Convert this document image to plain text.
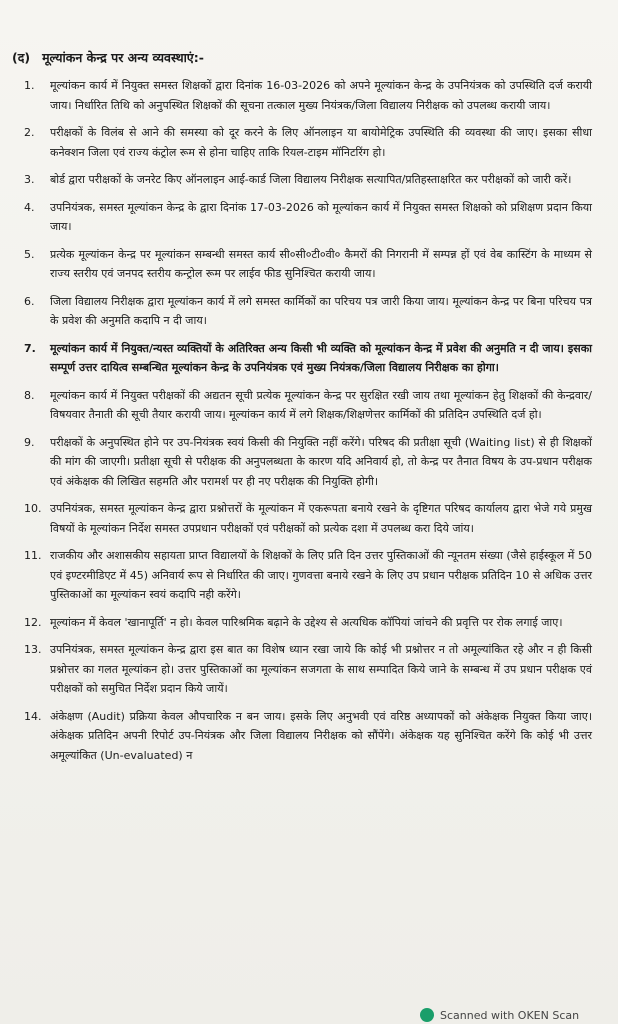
(द) मूल्यांकन केन्द्र पर अन्य व्यवस्थाएं:-
1.	मूल्यांकन कार्य में नियुक्त समस्त शिक्षकों द्वारा दिनांक 16-03-2026 को अपने मूल्यांकन केन्द्र के उपनियंत्रक को उपस्थिति दर्ज करायी जाय। निर्धारित तिथि को अनुपस्थित शिक्षकों की सूचना तत्काल मुख्य नियंत्रक/जिला विद्यालय निरीक्षक को उपलब्ध करायी जाय।
2.	परीक्षकों के विलंब से आने की समस्या को दूर करने के लिए ऑनलाइन या बायोमेट्रिक उपस्थिति की व्यवस्था की जाए। इसका सीधा कनेक्शन जिला एवं राज्य कंट्रोल रूम से होना चाहिए ताकि रियल-टाइम मॉनिटरिंग हो।
3.	बोर्ड द्वारा परीक्षकों के जनरेट किए ऑनलाइन आई-कार्ड जिला विद्यालय निरीक्षक सत्यापित/प्रतिहस्ताक्षरित कर परीक्षकों को जारी करें।
4.	उपनियंत्रक, समस्त मूल्यांकन केन्द्र के द्वारा दिनांक 17-03-2026 को मूल्यांकन कार्य में नियुक्त समस्त शिक्षको को प्रशिक्षण प्रदान किया जाय।
5.	प्रत्येक मूल्यांकन केन्द्र पर मूल्यांकन सम्बन्धी समस्त कार्य सी०सी०टी०वी० कैमरों की निगरानी में सम्पन्न हों एवं वेब कास्टिंग के माध्यम से राज्य स्तरीय एवं जनपद स्तरीय कन्ट्रोल रूम पर लाईव फीड सुनिश्चित करायी जाय।
6.	जिला विद्यालय निरीक्षक द्वारा मूल्यांकन कार्य में लगे समस्त कार्मिकों का परिचय पत्र जारी किया जाय। मूल्यांकन केन्द्र पर बिना परिचय पत्र के प्रवेश की अनुमति कदापि न दी जाय।
7.	मूल्यांकन कार्य में नियुक्त/न्यस्त व्यक्तियों के अतिरिक्त अन्य किसी भी व्यक्ति को मूल्यांकन केन्द्र में प्रवेश की अनुमति न दी जाय। इसका सम्पूर्ण उत्तर दायित्व सम्बन्धित मूल्यांकन केन्द्र के उपनियंत्रक एवं मुख्य नियंत्रक/जिला विद्यालय निरीक्षक का होगा।
8.	मूल्यांकन कार्य में नियुक्त परीक्षकों की अद्यतन सूची प्रत्येक मूल्यांकन केन्द्र पर सुरक्षित रखी जाय तथा मूल्यांकन हेतु शिक्षकों की केन्द्रवार/विषयवार तैनाती की सूची तैयार करायी जाय। मूल्यांकन कार्य में लगे शिक्षक/शिक्षणेत्तर कार्मिकों की प्रतिदिन उपस्थिति दर्ज हो।
9.	परीक्षकों के अनुपस्थित होने पर उप-नियंत्रक स्वयं किसी की नियुक्ति नहीं करेंगे। परिषद की प्रतीक्षा सूची (Waiting list) से ही शिक्षकों की मांग की जाएगी। प्रतीक्षा सूची से परीक्षक की अनुपलब्धता के कारण यदि अनिवार्य हो, तो केन्द्र पर तैनात विषय के उप-प्रधान परीक्षक एवं अंकेक्षक की लिखित सहमति और परामर्श पर ही नए परीक्षक की नियुक्ति होगी।
10. उपनियंत्रक, समस्त मूल्यांकन केन्द्र द्वारा प्रश्नोत्तरों के मूल्यांकन में एकरूपता बनाये रखने के दृष्टिगत परिषद कार्यालय द्वारा भेजे गये प्रमुख विषयों के मूल्यांकन निर्देश समस्त उपप्रधान परीक्षकों एवं परीक्षकों को प्रत्येक दशा में उपलब्ध करा दिये जांय।
11. राजकीय और अशासकीय सहायता प्राप्त विद्यालयों के शिक्षकों के लिए प्रति दिन उत्तर पुस्तिकाओं की न्यूनतम संख्या (जैसे हाईस्कूल में 50 एवं इण्टरमीडिएट में 45) अनिवार्य रूप से निर्धारित की जाए। गुणवत्ता बनाये रखने के लिए उप प्रधान परीक्षक प्रतिदिन 10 से अधिक उत्तर पुस्तिकाओं का मूल्यांकन स्वयं कदापि नही करेंगे।
12. मूल्यांकन में केवल 'खानापूर्ति' न हो। केवल पारिश्रमिक बढ़ाने के उद्देश्य से अत्यधिक कॉपियां जांचने की प्रवृत्ति पर रोक लगाई जाए।
13. उपनियंत्रक, समस्त मूल्यांकन केन्द्र द्वारा इस बात का विशेष ध्यान रखा जाये कि कोई भी प्रश्नोत्तर न तो अमूल्यांकित रहे और न ही किसी प्रश्नोत्तर का गलत मूल्यांकन हो। उत्तर पुस्तिकाओं का मूल्यांकन सजगता के साथ सम्पादित किये जाने के सम्बन्ध में उप प्रधान परीक्षक एवं परीक्षकों को समुचित निर्देश प्रदान किये जायें।
14. अंकेक्षण (Audit) प्रक्रिया केवल औपचारिक न बन जाय। इसके लिए अनुभवी एवं वरिष्ठ अध्यापकों को अंकेक्षक नियुक्त किया जाए। अंकेक्षक प्रतिदिन अपनी रिपोर्ट उप-नियंत्रक और जिला विद्यालय निरीक्षक को सौंपेंगे। अंकेक्षक यह सुनिश्चित करेंगे कि कोई भी उत्तर अमूल्यांकित (Un-evaluated) न
Scanned with OKEN Scan
